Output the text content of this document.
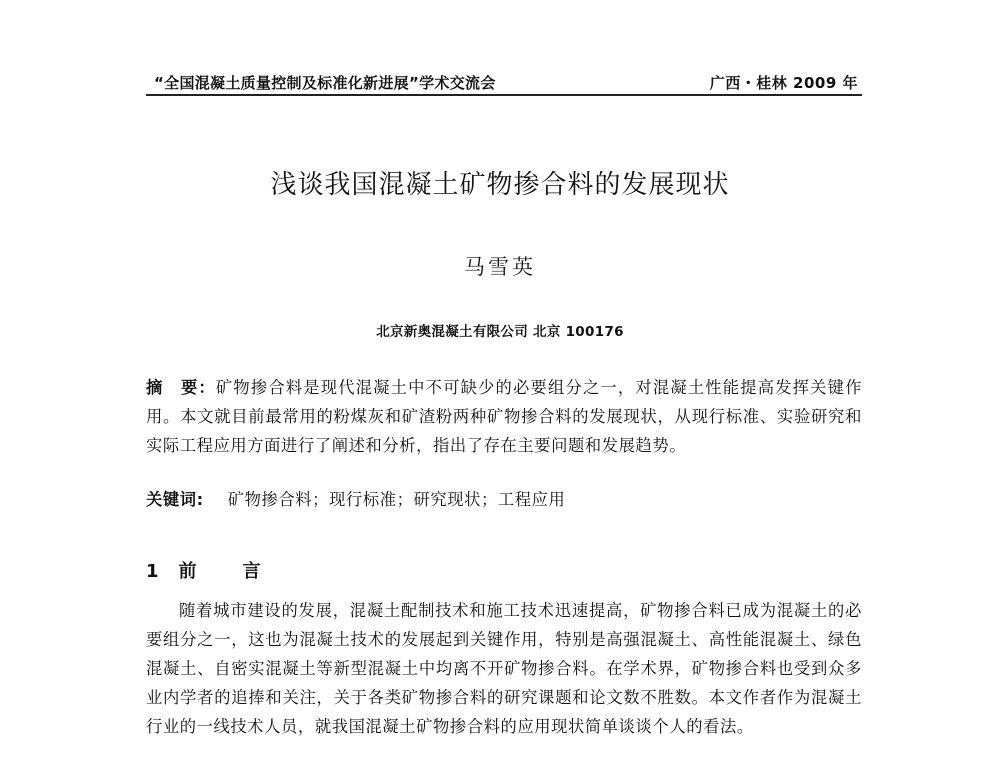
“全国混凝土质量控制及标准化新进展”学术交流会	广西・桂林 2009 年
浅谈我国混凝土矿物掺合料的发展现状
马雪英
北京新奥混凝土有限公司 北京 100176
摘　要：矿物掺合料是现代混凝土中不可缺少的必要组分之一，对混凝土性能提高发挥关键作用。本文就目前最常用的粉煤灰和矿渣粉两种矿物掺合料的发展现状，从现行标准、实验研究和实际工程应用方面进行了阐述和分析，指出了存在主要问题和发展趋势。
关键词: 矿物掺合料；现行标准；研究现状；工程应用
1 前	言
随着城市建设的发展，混凝土配制技术和施工技术迅速提高，矿物掺合料已成为混凝土的必要组分之一，这也为混凝土技术的发展起到关键作用，特别是高强混凝土、高性能混凝土、绿色混凝土、自密实混凝土等新型混凝土中均离不开矿物掺合料。在学术界，矿物掺合料也受到众多业内学者的追捧和关注，关于各类矿物掺合料的研究课题和论文数不胜数。本文作者作为混凝土行业的一线技术人员，就我国混凝土矿物掺合料的应用现状简单谈谈个人的看法。
